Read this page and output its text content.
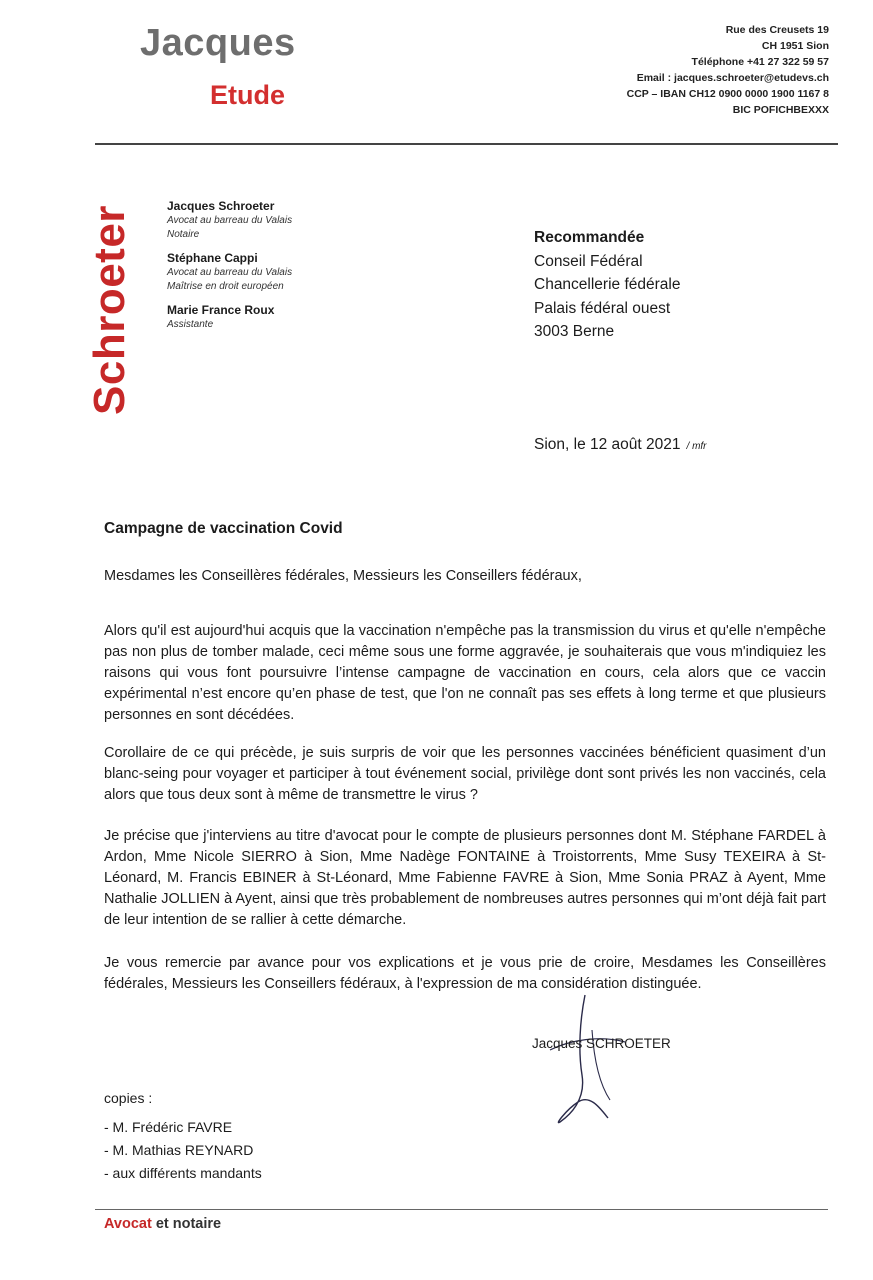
Jacques
Etude
Rue des Creusets 19
CH 1951 Sion
Téléphone +41 27 322 59 57
Email : jacques.schroeter@etudevs.ch
CCP – IBAN CH12 0900 0000 1900 1167 8
BIC POFICHBEXXX
Schroeter	Jacques Schroeter
Avocat au barreau du Valais
Notaire
Stéphane Cappi
Avocat au barreau du Valais
Maîtrise en droit européen
Marie France Roux
Assistante
Recommandée
Conseil Fédéral
Chancellerie fédérale
Palais fédéral ouest
3003 Berne
Sion, le 12 août 2021 / mfr
Campagne de vaccination Covid
Mesdames les Conseillères fédérales, Messieurs les Conseillers fédéraux,
Alors qu'il est aujourd'hui acquis que la vaccination n'empêche pas la transmission du virus et qu'elle n'empêche pas non plus de tomber malade, ceci même sous une forme aggravée, je souhaiterais que vous m'indiquiez les raisons qui vous font poursuivre l’intense campagne de vaccination en cours, cela alors que ce vaccin expérimental n’est encore qu’en phase de test, que l'on ne connaît pas ses effets à long terme et que plusieurs personnes en sont décédées.
Corollaire de ce qui précède, je suis surpris de voir que les personnes vaccinées bénéficient quasiment d’un blanc-seing pour voyager et participer à tout événement social, privilège dont sont privés les non vaccinés, cela alors que tous deux sont à même de transmettre le virus ?
Je précise que j'interviens au titre d'avocat pour le compte de plusieurs personnes dont M. Stéphane FARDEL à Ardon, Mme Nicole SIERRO à Sion, Mme Nadège FONTAINE à Troistorrents, Mme Susy TEXEIRA à St-Léonard, M. Francis EBINER à St-Léonard, Mme Fabienne FAVRE à Sion, Mme Sonia PRAZ à Ayent, Mme Nathalie JOLLIEN à Ayent, ainsi que très probablement de nombreuses autres personnes qui m’ont déjà fait part de leur intention de se rallier à cette démarche.
Je vous remercie par avance pour vos explications et je vous prie de croire, Mesdames les Conseillères fédérales, Messieurs les Conseillers fédéraux, à l'expression de ma considération distinguée.
Jacques SCHROETER
copies :
- M. Frédéric FAVRE
- M. Mathias REYNARD
- aux différents mandants
Avocat et notaire
